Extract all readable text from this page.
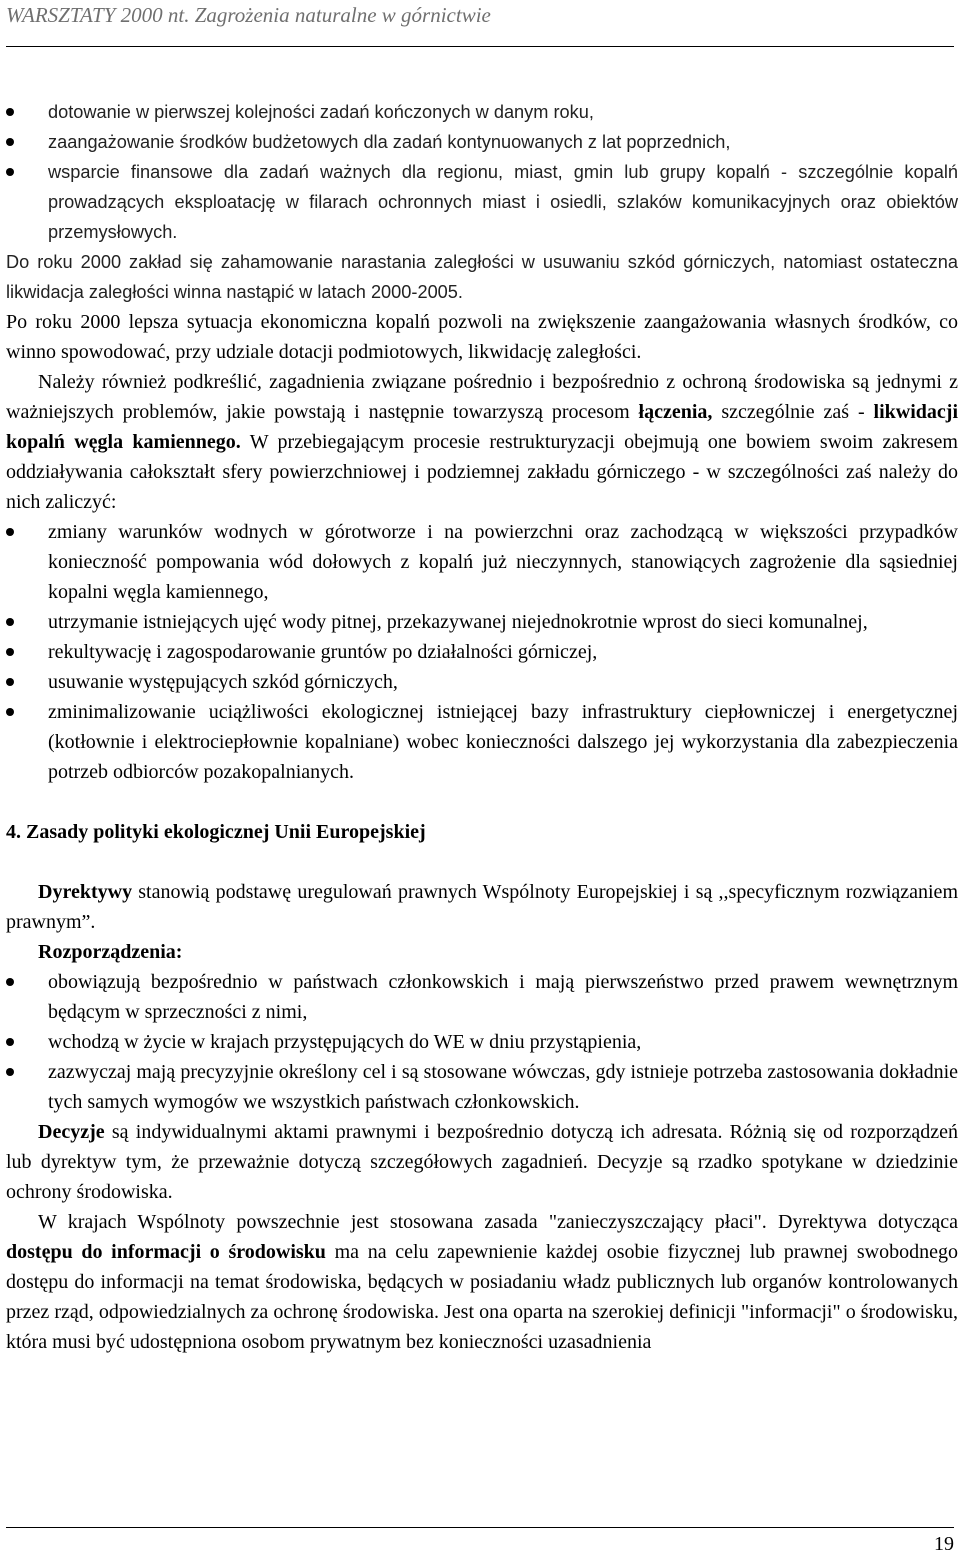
WARSZTATY 2000 nt. Zagrożenia naturalne w górnictwie
dotowanie w pierwszej kolejności zadań kończonych w danym roku,
zaangażowanie środków budżetowych dla zadań kontynuowanych z lat poprzednich,
wsparcie finansowe dla zadań ważnych dla regionu, miast, gmin lub grupy kopalń - szczególnie kopalń prowadzących eksploatację w filarach ochronnych miast i osiedli, szlaków komunikacyjnych oraz obiektów przemysłowych.

Do roku 2000 zakład się zahamowanie narastania zaległości w usuwaniu szkód górniczych, natomiast ostateczna likwidacja zaległości winna nastąpić w latach 2000-2005.

Po roku 2000 lepsza sytuacja ekonomiczna kopalń pozwoli na zwiększenie zaangażowania własnych środków, co winno spowodować, przy udziale dotacji podmiotowych, likwidację zaległości.

Należy również podkreślić, zagadnienia związane pośrednio i bezpośrednio z ochroną środowiska są jednymi z ważniejszych problemów, jakie powstają i następnie towarzyszą procesom łączenia, szczególnie zaś - likwidacji kopalń węgla kamiennego. W przebiegającym procesie restrukturyzacji obejmują one bowiem swoim zakresem oddziaływania całokształt sfery powierzchniowej i podziemnej zakładu górniczego - w szczególności zaś należy do nich zaliczyć:

zmiany warunków wodnych w górotworze i na powierzchni oraz zachodzącą w większości przypadków konieczność pompowania wód dołowych z kopalń już nieczynnych, stanowiących zagrożenie dla sąsiedniej kopalni węgla kamiennego,
utrzymanie istniejących ujęć wody pitnej, przekazywanej niejednokrotnie wprost do sieci komunalnej,
rekultywację i zagospodarowanie gruntów po działalności górniczej,
usuwanie występujących szkód górniczych,
zminimalizowanie uciążliwości ekologicznej istniejącej bazy infrastruktury ciepłowniczej i energetycznej (kotłownie i elektrociepłownie kopalniane) wobec konieczności dalszego jej wykorzystania dla zabezpieczenia potrzeb odbiorców pozakopalnianych.
4. Zasady polityki ekologicznej Unii Europejskiej

Dyrektywy stanowią podstawę uregulowań prawnych Wspólnoty Europejskiej i są ,,specyficznym rozwiązaniem prawnym”.

Rozporządzenia:

obowiązują bezpośrednio w państwach członkowskich i mają pierwszeństwo przed prawem wewnętrznym będącym w sprzeczności z nimi,
wchodzą w życie w krajach przystępujących do WE w dniu przystąpienia,
zazwyczaj mają precyzyjnie określony cel i są stosowane wówczas, gdy istnieje potrzeba zastosowania dokładnie tych samych wymogów we wszystkich państwach członkowskich.

Decyzje są indywidualnymi aktami prawnymi i bezpośrednio dotyczą ich adresata. Różnią się od rozporządzeń lub dyrektyw tym, że przeważnie dotyczą szczegółowych zagadnień. Decyzje są rzadko spotykane w dziedzinie ochrony środowiska.

W krajach Wspólnoty powszechnie jest stosowana zasada "zanieczyszczający płaci". Dyrektywa dotycząca dostępu do informacji o środowisku ma na celu zapewnienie każdej osobie fizycznej lub prawnej swobodnego dostępu do informacji na temat środowiska, będących w posiadaniu władz publicznych lub organów kontrolowanych przez rząd, odpowiedzialnych za ochronę środowiska. Jest ona oparta na szerokiej definicji "informacji" o środowisku, która musi być udostępniona osobom prywatnym bez konieczności uzasadnienia

19
